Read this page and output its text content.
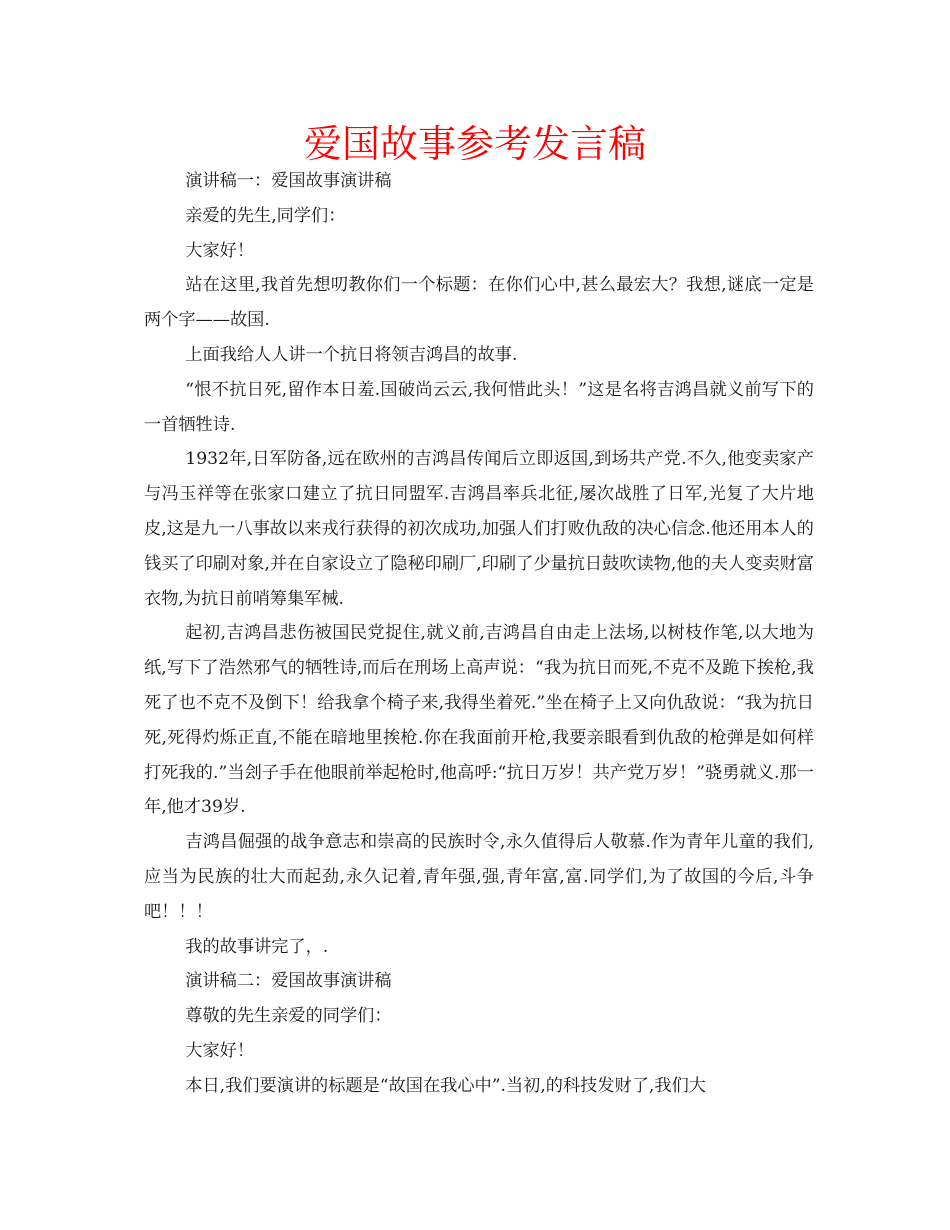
爱国故事参考发言稿

演讲稿一：爱国故事演讲稿

亲爱的先生,同学们：

大家好！

站在这里,我首先想叨教你们一个标题：在你们心中,甚么最宏大？我想,谜底一定是两个字——故国.

上面我给人人讲一个抗日将领吉鸿昌的故事.

“恨不抗日死,留作本日羞.国破尚云云,我何惜此头！”这是名将吉鸿昌就义前写下的一首牺牲诗.

1932年,日军防备,远在欧州的吉鸿昌传闻后立即返国,到场共产党.不久,他变卖家产与冯玉祥等在张家口建立了抗日同盟军.吉鸿昌率兵北征,屡次战胜了日军,光复了大片地皮,这是九一八事故以来戎行获得的初次成功,加强人们打败仇敌的决心信念.他还用本人的钱买了印刷对象,并在自家设立了隐秘印刷厂,印刷了少量抗日鼓吹读物,他的夫人变卖财富衣物,为抗日前哨筹集军械.

起初,吉鸿昌悲伤被国民党捉住,就义前,吉鸿昌自由走上法场,以树枝作笔,以大地为纸,写下了浩然邪气的牺牲诗,而后在刑场上高声说：“我为抗日而死,不克不及跪下挨枪,我死了也不克不及倒下！给我拿个椅子来,我得坐着死.”坐在椅子上又向仇敌说：“我为抗日死,死得灼烁正直,不能在暗地里挨枪.你在我面前开枪,我要亲眼看到仇敌的枪弹是如何样打死我的.”当刽子手在他眼前举起枪时,他高呼:“抗日万岁！共产党万岁！”骁勇就义.那一年,他才39岁.

吉鸿昌倔强的战争意志和崇高的民族时令,永久值得后人敬慕.作为青年儿童的我们,应当为民族的壮大而起劲,永久记着,青年强,强,青年富,富.同学们,为了故国的今后,斗争吧！！！

我的故事讲完了，.

演讲稿二：爱国故事演讲稿

尊敬的先生亲爱的同学们：

大家好！

本日,我们要演讲的标题是“故国在我心中”.当初,的科技发财了,我们大
